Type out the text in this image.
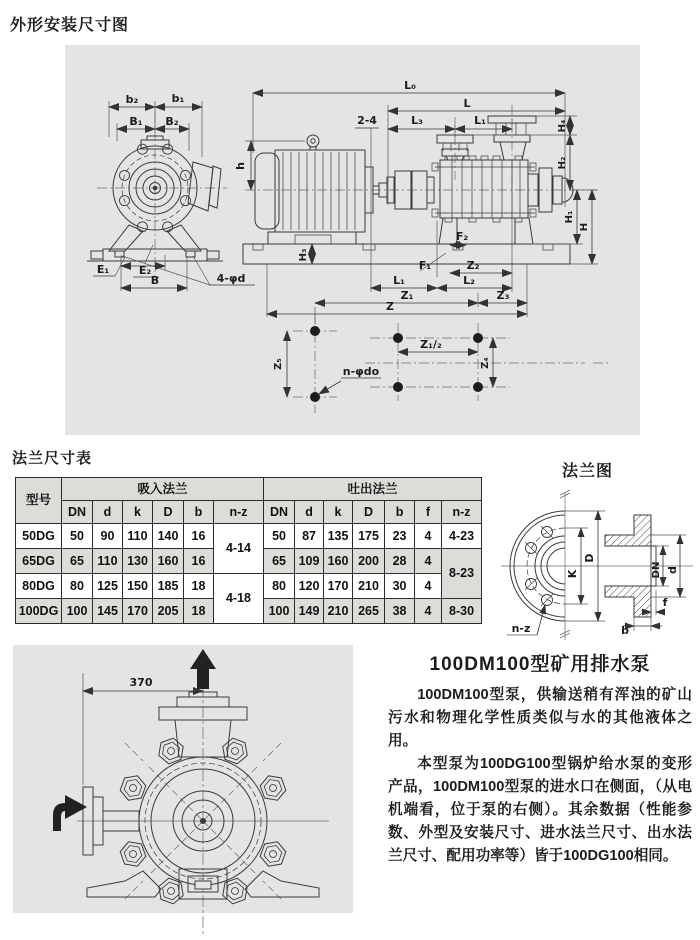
外形安装尺寸图
b₂	b₁
B₁ B₂
L₀
L
2-4	L₃	L₁
h
H₄
H₂
H₁
H
H₃
E₁	E₂
B	4-φd
F₂
F₁	Z₂
L₁	L₂
Z₁	Z₃
Z
Z₅
Z₁/₂
Z₄
n-φdo
法兰尺寸表
型号	吸入法兰						吐出法兰						
	DN	d	k	D	b	n-z	DN	d	k	D	b	f	n-z
50DG	50	90	110	140	16	4-14	50	87	135	175	23	4	4-23
65DG	65	110	130	160	16		65	109	160	200	28	4	8-23
80DG	80	125	150	185	18	4-18	80	120	170	210	30	4	
100DG	100	145	170	205	18		100	149	210	265	38	4	8-30
法兰图
D
K	DN d
b
f
n-z
370
100DM100型矿用排水泵

100DM100型泵，供输送稍有浑浊的矿山污水和物理化学性质类似与水的其他液体之用。

本型泵为100DG100型锅炉给水泵的变形产品，100DM100型泵的进水口在侧面，（从电机端看，位于泵的右侧）。其余数据（性能参数、外型及安装尺寸、进水法兰尺寸、出水法兰尺寸、配用功率等）皆于100DG100相同。
